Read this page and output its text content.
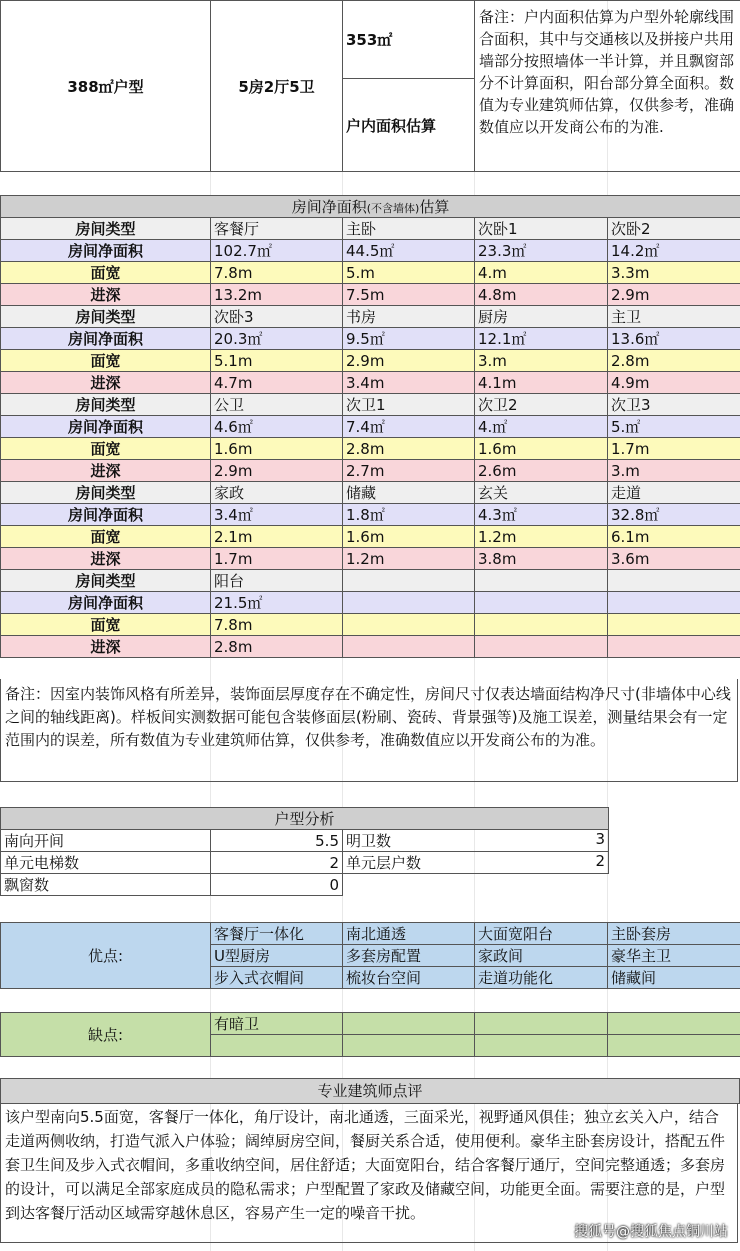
388㎡户型	5房2厅5卫	353㎡	备注：户内面积估算为户型外轮廓线围合面积，其中与交通核以及拼接户共用墙部分按照墙体一半计算，并且飘窗部分不计算面积，阳台部分算全面积。数值为专业建筑师估算，仅供参考，准确数值应以开发商公布的为准.
户内面积估算
房间净面积(不含墙体)估算				
房间类型	客餐厅	主卧	次卧1	次卧2
房间净面积	102.7㎡	44.5㎡	23.3㎡	14.2㎡
面宽	7.8m	5.m	4.m	3.3m
进深	13.2m	7.5m	4.8m	2.9m
房间类型	次卧3	书房	厨房	主卫
房间净面积	20.3㎡	9.5㎡	12.1㎡	13.6㎡
面宽	5.1m	2.9m	3.m	2.8m
进深	4.7m	3.4m	4.1m	4.9m
房间类型	公卫	次卫1	次卫2	次卫3
房间净面积	4.6㎡	7.4㎡	4.㎡	5.㎡
面宽	1.6m	2.8m	1.6m	1.7m
进深	2.9m	2.7m	2.6m	3.m
房间类型	家政	储藏	玄关	走道
房间净面积	3.4㎡	1.8㎡	4.3㎡	32.8㎡
面宽	2.1m	1.6m	1.2m	6.1m
进深	1.7m	1.2m	3.8m	3.6m
房间类型	阳台			
房间净面积	21.5㎡			
面宽	7.8m			
进深	2.8m			
备注：因室内装饰风格有所差异，装饰面层厚度存在不确定性，房间尺寸仅表达墙面结构净尺寸(非墙体中心线之间的轴线距离)。样板间实测数据可能包含装修面层(粉刷、瓷砖、背景强等)及施工误差，测量结果会有一定范围内的误差，所有数值为专业建筑师估算，仅供参考，准确数值应以开发商公布的为准。
户型分析		
南向开间	5.5	明卫数 3

单元电梯数	2	单元层户数 2

飘窗数	0	
优点:	客餐厅一体化	南北通透	大面宽阳台	主卧套房
	U型厨房	多套房配置	家政间	豪华主卫
	步入式衣帽间	梳妆台空间	走道功能化	储藏间
缺点:	有暗卫			

专业建筑师点评
该户型南向5.5面宽，客餐厅一体化，角厅设计，南北通透，三面采光，视野通风俱佳；独立玄关入户，结合走道两侧收纳，打造气派入户体验；阔绰厨房空间，餐厨关系合适，使用便利。豪华主卧套房设计，搭配五件套卫生间及步入式衣帽间，多重收纳空间，居住舒适；大面宽阳台，结合客餐厅通厅，空间完整通透；多套房的设计，可以满足全部家庭成员的隐私需求；户型配置了家政及储藏空间，功能更全面。需要注意的是，户型到达客餐厅活动区域需穿越休息区，容易产生一定的噪音干扰。
搜狐号@搜狐焦点铜川站
